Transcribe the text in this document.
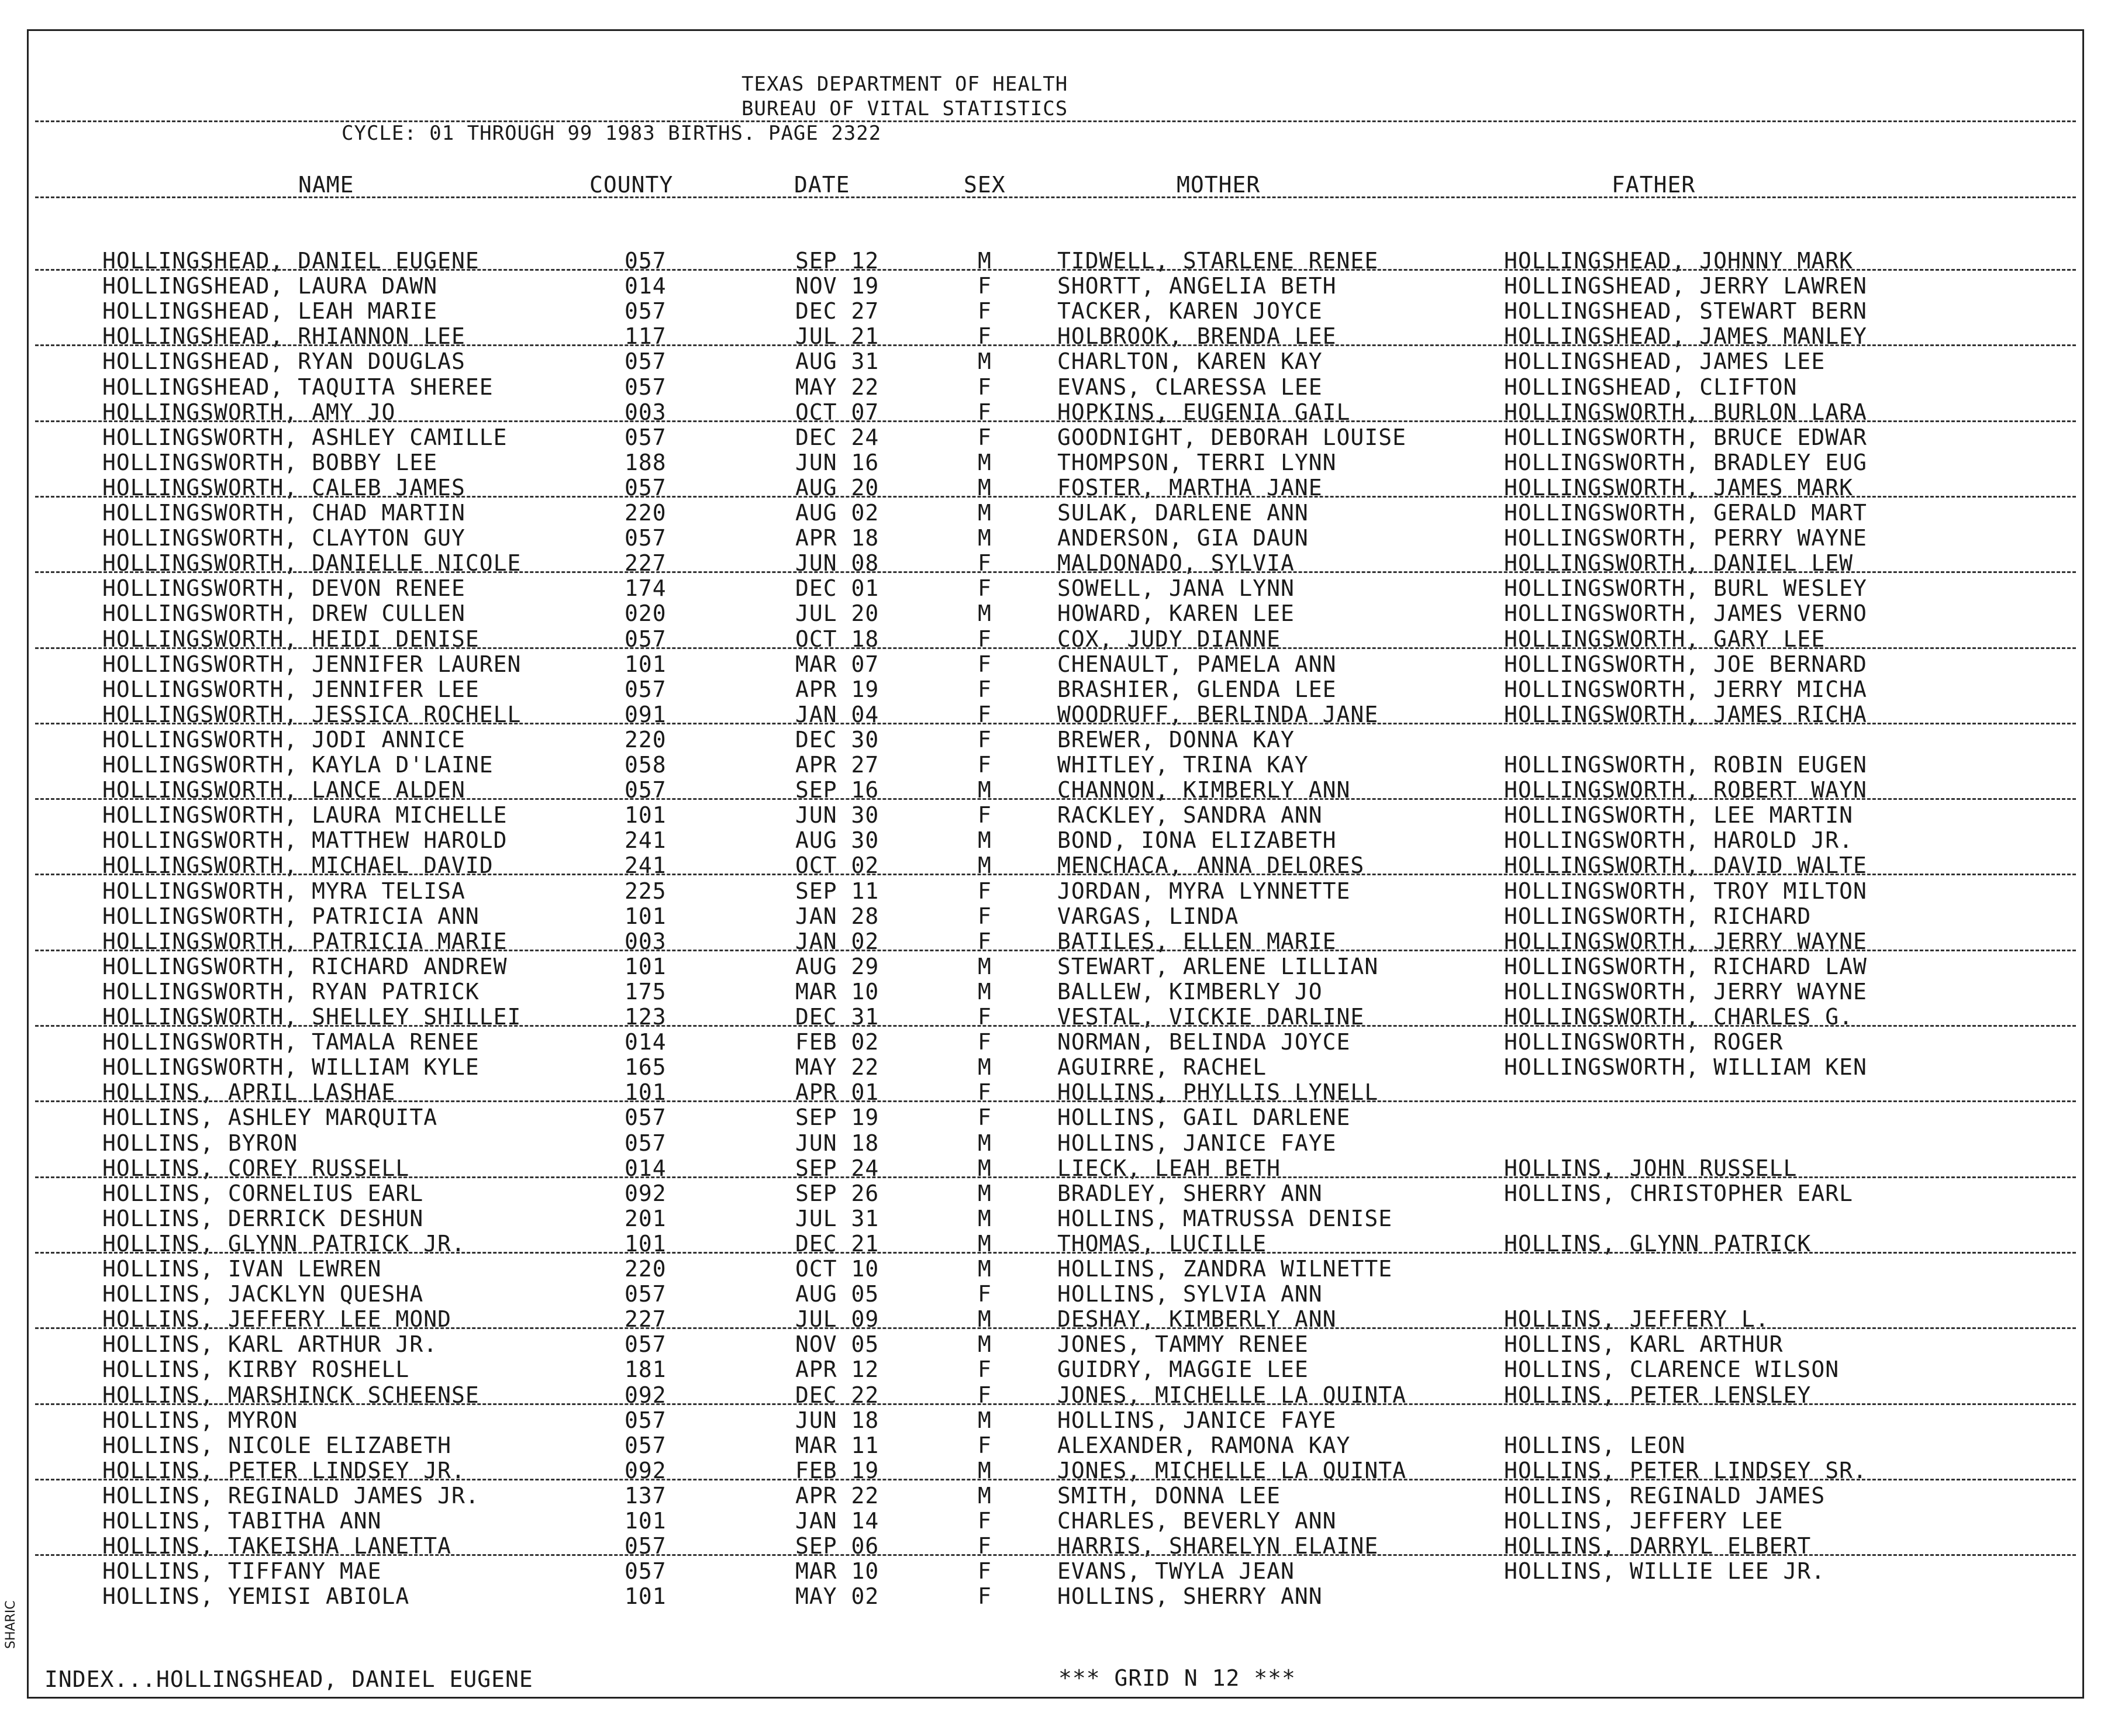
TEXAS DEPARTMENT OF HEALTH
BUREAU OF VITAL STATISTICS
CYCLE: 01 THROUGH 99 1983 BIRTHS. PAGE 2322
NAME	COUNTY	DATE	SEX	MOTHER	FATHER
HOLLINGSHEAD, DANIEL EUGENE	057	SEP 12	M	TIDWELL, STARLENE RENEE	HOLLINGSHEAD, JOHNNY MARK
HOLLINGSHEAD, LAURA DAWN	014	NOV 19	F	SHORTT, ANGELIA BETH	HOLLINGSHEAD, JERRY LAWREN
HOLLINGSHEAD, LEAH MARIE	057	DEC 27	F	TACKER, KAREN JOYCE	HOLLINGSHEAD, STEWART BERN
HOLLINGSHEAD, RHIANNON LEE	117	JUL 21	F	HOLBROOK, BRENDA LEE	HOLLINGSHEAD, JAMES MANLEY
HOLLINGSHEAD, RYAN DOUGLAS	057	AUG 31	M	CHARLTON, KAREN KAY	HOLLINGSHEAD, JAMES LEE
HOLLINGSHEAD, TAQUITA SHEREE	057	MAY 22	F	EVANS, CLARESSA LEE	HOLLINGSHEAD, CLIFTON
HOLLINGSWORTH, AMY JO	003	OCT 07	F	HOPKINS, EUGENIA GAIL	HOLLINGSWORTH, BURLON LARA
HOLLINGSWORTH, ASHLEY CAMILLE	057	DEC 24	F	GOODNIGHT, DEBORAH LOUISE	HOLLINGSWORTH, BRUCE EDWAR
HOLLINGSWORTH, BOBBY LEE	188	JUN 16	M	THOMPSON, TERRI LYNN	HOLLINGSWORTH, BRADLEY EUG
HOLLINGSWORTH, CALEB JAMES	057	AUG 20	M	FOSTER, MARTHA JANE	HOLLINGSWORTH, JAMES MARK
HOLLINGSWORTH, CHAD MARTIN	220	AUG 02	M	SULAK, DARLENE ANN	HOLLINGSWORTH, GERALD MART
HOLLINGSWORTH, CLAYTON GUY	057	APR 18	M	ANDERSON, GIA DAUN	HOLLINGSWORTH, PERRY WAYNE
HOLLINGSWORTH, DANIELLE NICOLE	227	JUN 08	F	MALDONADO, SYLVIA	HOLLINGSWORTH, DANIEL LEW
HOLLINGSWORTH, DEVON RENEE	174	DEC 01	F	SOWELL, JANA LYNN	HOLLINGSWORTH, BURL WESLEY
HOLLINGSWORTH, DREW CULLEN	020	JUL 20	M	HOWARD, KAREN LEE	HOLLINGSWORTH, JAMES VERNO
HOLLINGSWORTH, HEIDI DENISE	057	OCT 18	F	COX, JUDY DIANNE	HOLLINGSWORTH, GARY LEE
HOLLINGSWORTH, JENNIFER LAUREN	101	MAR 07	F	CHENAULT, PAMELA ANN	HOLLINGSWORTH, JOE BERNARD
HOLLINGSWORTH, JENNIFER LEE	057	APR 19	F	BRASHIER, GLENDA LEE	HOLLINGSWORTH, JERRY MICHA
HOLLINGSWORTH, JESSICA ROCHELL	091	JAN 04	F	WOODRUFF, BERLINDA JANE	HOLLINGSWORTH, JAMES RICHA
HOLLINGSWORTH, JODI ANNICE	220	DEC 30	F	BREWER, DONNA KAY
HOLLINGSWORTH, KAYLA D'LAINE	058	APR 27	F	WHITLEY, TRINA KAY	HOLLINGSWORTH, ROBIN EUGEN
HOLLINGSWORTH, LANCE ALDEN	057	SEP 16	M	CHANNON, KIMBERLY ANN	HOLLINGSWORTH, ROBERT WAYN
HOLLINGSWORTH, LAURA MICHELLE	101	JUN 30	F	RACKLEY, SANDRA ANN	HOLLINGSWORTH, LEE MARTIN
HOLLINGSWORTH, MATTHEW HAROLD	241	AUG 30	M	BOND, IONA ELIZABETH	HOLLINGSWORTH, HAROLD JR.
HOLLINGSWORTH, MICHAEL DAVID	241	OCT 02	M	MENCHACA, ANNA DELORES	HOLLINGSWORTH, DAVID WALTE
HOLLINGSWORTH, MYRA TELISA	225	SEP 11	F	JORDAN, MYRA LYNNETTE	HOLLINGSWORTH, TROY MILTON
HOLLINGSWORTH, PATRICIA ANN	101	JAN 28	F	VARGAS, LINDA	HOLLINGSWORTH, RICHARD
HOLLINGSWORTH, PATRICIA MARIE	003	JAN 02	F	BATILES, ELLEN MARIE	HOLLINGSWORTH, JERRY WAYNE
HOLLINGSWORTH, RICHARD ANDREW	101	AUG 29	M	STEWART, ARLENE LILLIAN	HOLLINGSWORTH, RICHARD LAW
HOLLINGSWORTH, RYAN PATRICK	175	MAR 10	M	BALLEW, KIMBERLY JO	HOLLINGSWORTH, JERRY WAYNE
HOLLINGSWORTH, SHELLEY SHILLEI	123	DEC 31	F	VESTAL, VICKIE DARLINE	HOLLINGSWORTH, CHARLES G.
HOLLINGSWORTH, TAMALA RENEE	014	FEB 02	F	NORMAN, BELINDA JOYCE	HOLLINGSWORTH, ROGER
HOLLINGSWORTH, WILLIAM KYLE	165	MAY 22	M	AGUIRRE, RACHEL	HOLLINGSWORTH, WILLIAM KEN
HOLLINS, APRIL LASHAE	101	APR 01	F	HOLLINS, PHYLLIS LYNELL
HOLLINS, ASHLEY MARQUITA	057	SEP 19	F	HOLLINS, GAIL DARLENE
HOLLINS, BYRON	057	JUN 18	M	HOLLINS, JANICE FAYE
HOLLINS, COREY RUSSELL	014	SEP 24	M	LIECK, LEAH BETH	HOLLINS, JOHN RUSSELL
HOLLINS, CORNELIUS EARL	092	SEP 26	M	BRADLEY, SHERRY ANN	HOLLINS, CHRISTOPHER EARL
HOLLINS, DERRICK DESHUN	201	JUL 31	M	HOLLINS, MATRUSSA DENISE
HOLLINS, GLYNN PATRICK JR.	101	DEC 21	M	THOMAS, LUCILLE	HOLLINS, GLYNN PATRICK
HOLLINS, IVAN LEWREN	220	OCT 10	M	HOLLINS, ZANDRA WILNETTE
HOLLINS, JACKLYN QUESHA	057	AUG 05	F	HOLLINS, SYLVIA ANN
HOLLINS, JEFFERY LEE MOND	227	JUL 09	M	DESHAY, KIMBERLY ANN	HOLLINS, JEFFERY L.
HOLLINS, KARL ARTHUR JR.	057	NOV 05	M	JONES, TAMMY RENEE	HOLLINS, KARL ARTHUR
HOLLINS, KIRBY ROSHELL	181	APR 12	F	GUIDRY, MAGGIE LEE	HOLLINS, CLARENCE WILSON
HOLLINS, MARSHINCK SCHEENSE	092	DEC 22	F	JONES, MICHELLE LA QUINTA	HOLLINS, PETER LENSLEY
HOLLINS, MYRON	057	JUN 18	M	HOLLINS, JANICE FAYE
HOLLINS, NICOLE ELIZABETH	057	MAR 11	F	ALEXANDER, RAMONA KAY	HOLLINS, LEON
HOLLINS, PETER LINDSEY JR.	092	FEB 19	M	JONES, MICHELLE LA QUINTA	HOLLINS, PETER LINDSEY SR.
HOLLINS, REGINALD JAMES JR.	137	APR 22	M	SMITH, DONNA LEE	HOLLINS, REGINALD JAMES
HOLLINS, TABITHA ANN	101	JAN 14	F	CHARLES, BEVERLY ANN	HOLLINS, JEFFERY LEE
HOLLINS, TAKEISHA LANETTA	057	SEP 06	F	HARRIS, SHARELYN ELAINE	HOLLINS, DARRYL ELBERT
HOLLINS, TIFFANY MAE	057	MAR 10	F	EVANS, TWYLA JEAN	HOLLINS, WILLIE LEE JR.
HOLLINS, YEMISI ABIOLA	101	MAY 02	F	HOLLINS, SHERRY ANN
INDEX...HOLLINGSHEAD, DANIEL EUGENE	*** GRID N 12 ***
SHARIC
